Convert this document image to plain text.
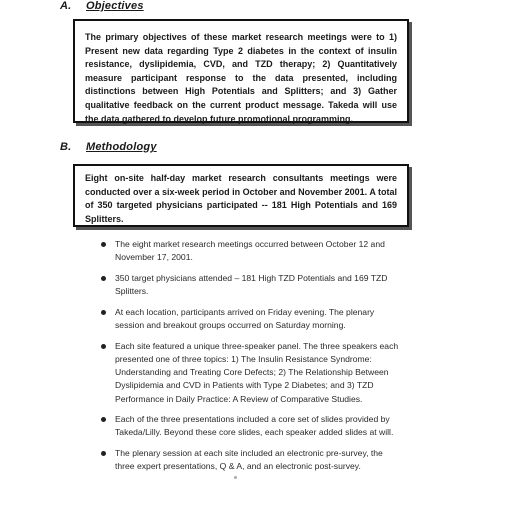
A. Objectives
The primary objectives of these market research meetings were to 1) Present new data regarding Type 2 diabetes in the context of insulin resistance, dyslipidemia, CVD, and TZD therapy; 2) Quantitatively measure participant response to the data presented, including distinctions between High Potentials and Splitters; and 3) Gather qualitative feedback on the current product message. Takeda will use the data gathered to develop future promotional programming.
B. Methodology
Eight on-site half-day market research consultants meetings were conducted over a six-week period in October and November 2001. A total of 350 targeted physicians participated -- 181 High Potentials and 169 Splitters.
The eight market research meetings occurred between October 12 and November 17, 2001.
350 target physicians attended – 181 High TZD Potentials and 169 TZD Splitters.
At each location, participants arrived on Friday evening. The plenary session and breakout groups occurred on Saturday morning.
Each site featured a unique three-speaker panel. The three speakers each presented one of three topics: 1) The Insulin Resistance Syndrome: Understanding and Treating Core Defects; 2) The Relationship Between Dyslipidemia and CVD in Patients with Type 2 Diabetes; and 3) TZD Performance in Daily Practice: A Review of Comparative Studies.
Each of the three presentations included a core set of slides provided by Takeda/Lilly. Beyond these core slides, each speaker added slides at will.
The plenary session at each site included an electronic pre-survey, the three expert presentations, Q & A, and an electronic post-survey.
